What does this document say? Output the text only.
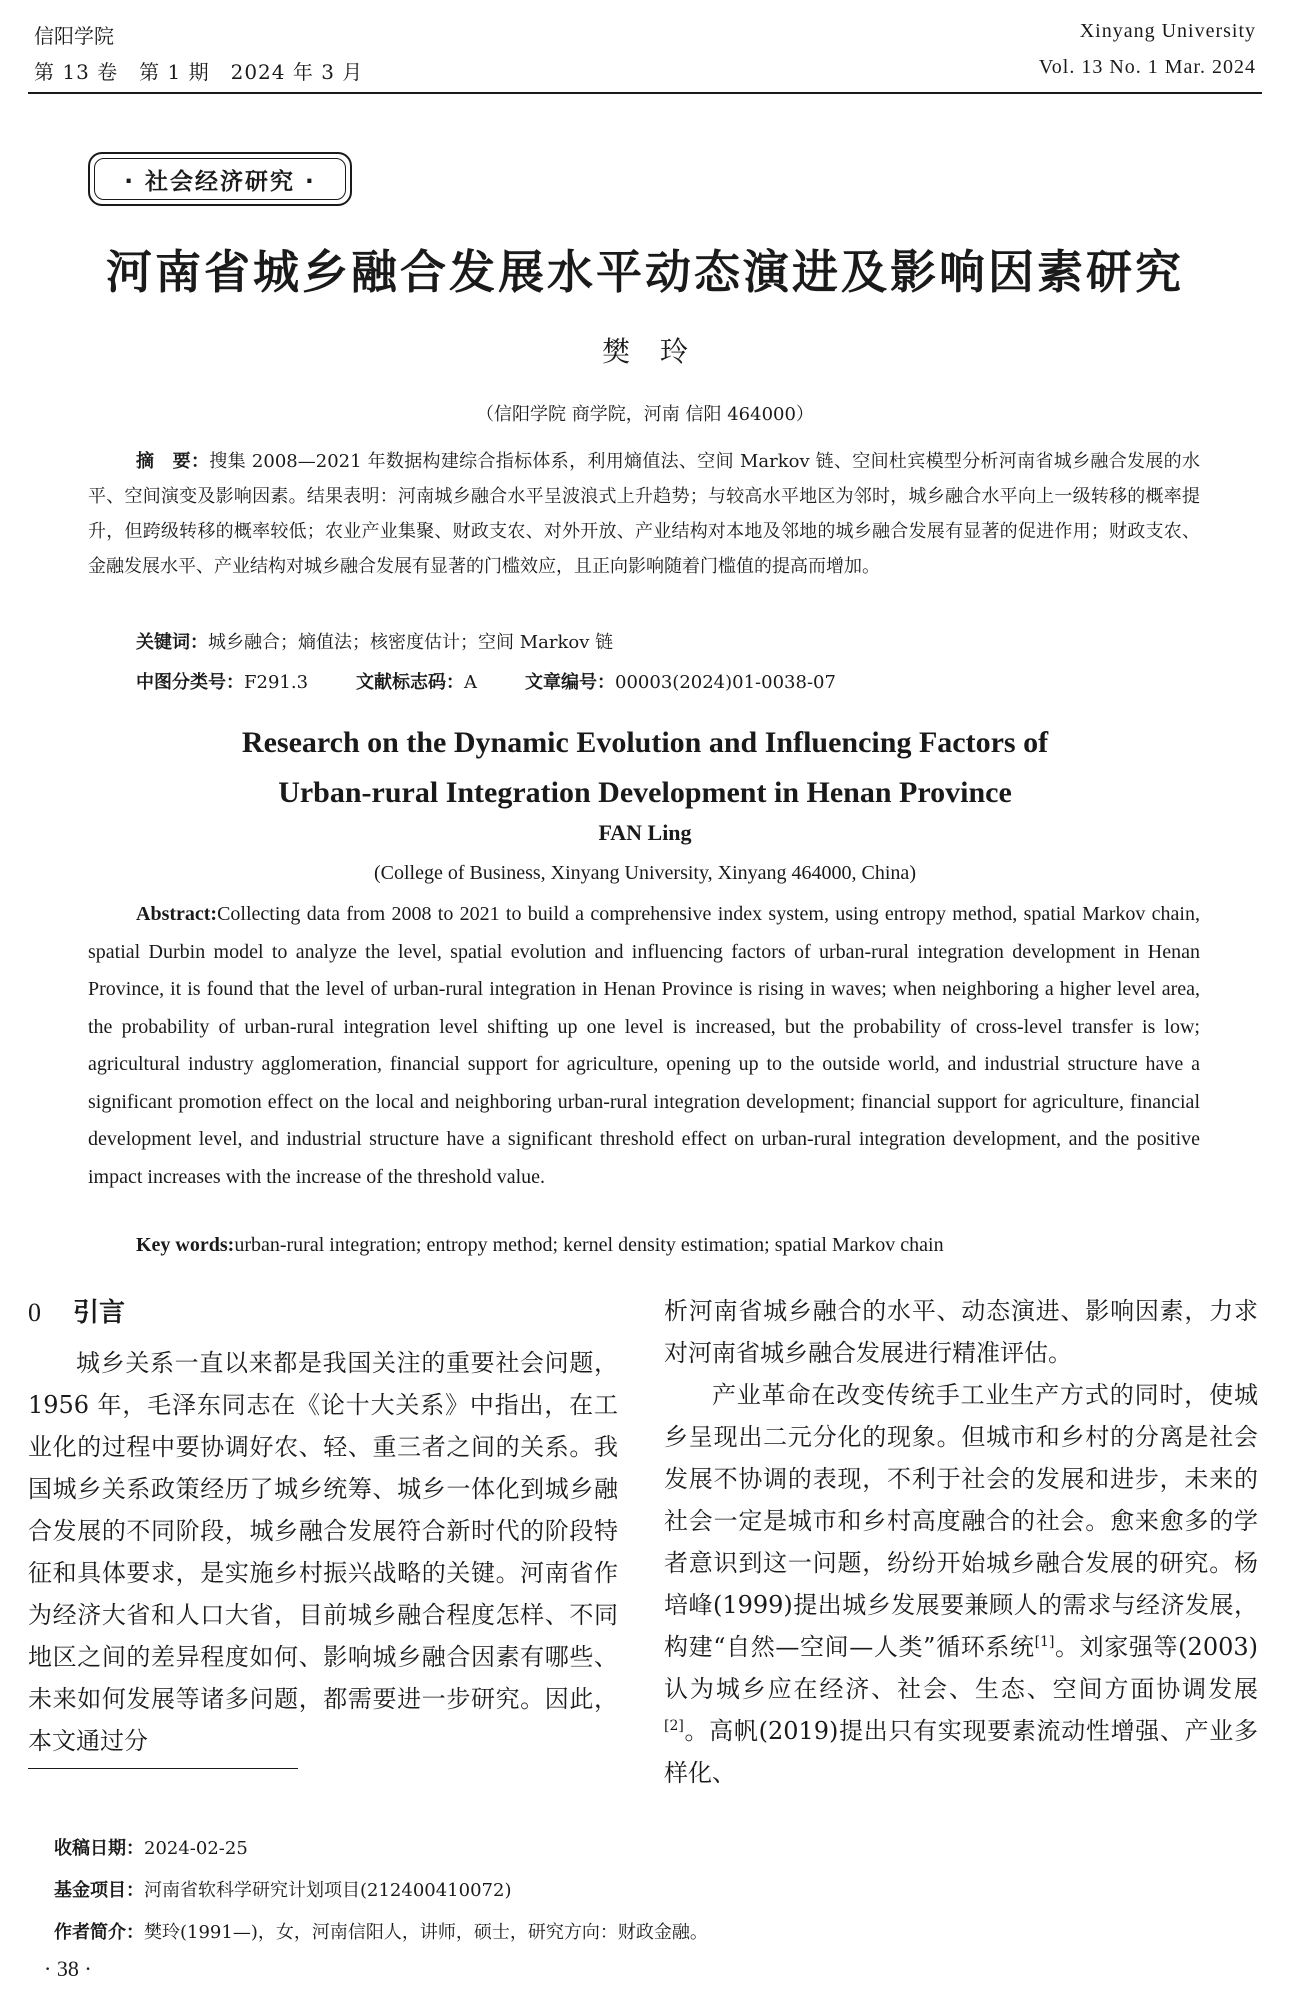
信阳学院
第 13 卷　第 1 期　2024 年 3 月
Xinyang University
Vol. 13 No. 1 Mar. 2024
· 社会经济研究 ·
河南省城乡融合发展水平动态演进及影响因素研究
樊玲
（信阳学院 商学院，河南 信阳 464000）
摘　要：搜集 2008—2021 年数据构建综合指标体系，利用熵值法、空间 Markov 链、空间杜宾模型分析河南省城乡融合发展的水平、空间演变及影响因素。结果表明：河南城乡融合水平呈波浪式上升趋势；与较高水平地区为邻时，城乡融合水平向上一级转移的概率提升，但跨级转移的概率较低；农业产业集聚、财政支农、对外开放、产业结构对本地及邻地的城乡融合发展有显著的促进作用；财政支农、金融发展水平、产业结构对城乡融合发展有显著的门槛效应，且正向影响随着门槛值的提高而增加。
关键词：城乡融合；熵值法；核密度估计；空间 Markov 链
中图分类号：F291.3	文献标志码：A	文章编号：00003(2024)01-0038-07
Research on the Dynamic Evolution and Influencing Factors of
Urban-rural Integration Development in Henan Province
FAN Ling
(College of Business, Xinyang University, Xinyang 464000, China)
Abstract:Collecting data from 2008 to 2021 to build a comprehensive index system, using entropy method, spatial Markov chain, spatial Durbin model to analyze the level, spatial evolution and influencing factors of urban-rural integration development in Henan Province, it is found that the level of urban-rural integration in Henan Province is rising in waves; when neighboring a higher level area, the probability of urban-rural integration level shifting up one level is increased, but the probability of cross-level transfer is low; agricultural industry agglomeration, financial support for agriculture, opening up to the outside world, and industrial structure have a significant promotion effect on the local and neighboring urban-rural integration development; financial support for agriculture, financial development level, and industrial structure have a significant threshold effect on urban-rural integration development, and the positive impact increases with the increase of the threshold value.
Key words:urban-rural integration; entropy method; kernel density estimation; spatial Markov chain
0 引言

城乡关系一直以来都是我国关注的重要社会问题，1956 年，毛泽东同志在《论十大关系》中指出，在工业化的过程中要协调好农、轻、重三者之间的关系。我国城乡关系政策经历了城乡统筹、城乡一体化到城乡融合发展的不同阶段，城乡融合发展符合新时代的阶段特征和具体要求，是实施乡村振兴战略的关键。河南省作为经济大省和人口大省，目前城乡融合程度怎样、不同地区之间的差异程度如何、影响城乡融合因素有哪些、未来如何发展等诸多问题，都需要进一步研究。因此，本文通过分

析河南省城乡融合的水平、动态演进、影响因素，力求对河南省城乡融合发展进行精准评估。

产业革命在改变传统手工业生产方式的同时，使城乡呈现出二元分化的现象。但城市和乡村的分离是社会发展不协调的表现，不利于社会的发展和进步，未来的社会一定是城市和乡村高度融合的社会。愈来愈多的学者意识到这一问题，纷纷开始城乡融合发展的研究。杨培峰(1999)提出城乡发展要兼顾人的需求与经济发展，构建“自然—空间—人类”循环系统[1]。刘家强等(2003)认为城乡应在经济、社会、生态、空间方面协调发展[2]。高帆(2019)提出只有实现要素流动性增强、产业多样化、

收稿日期：2024-02-25
基金项目：河南省软科学研究计划项目(212400410072)
作者简介：樊玲(1991—)，女，河南信阳人，讲师，硕士，研究方向：财政金融。
· 38 ·
